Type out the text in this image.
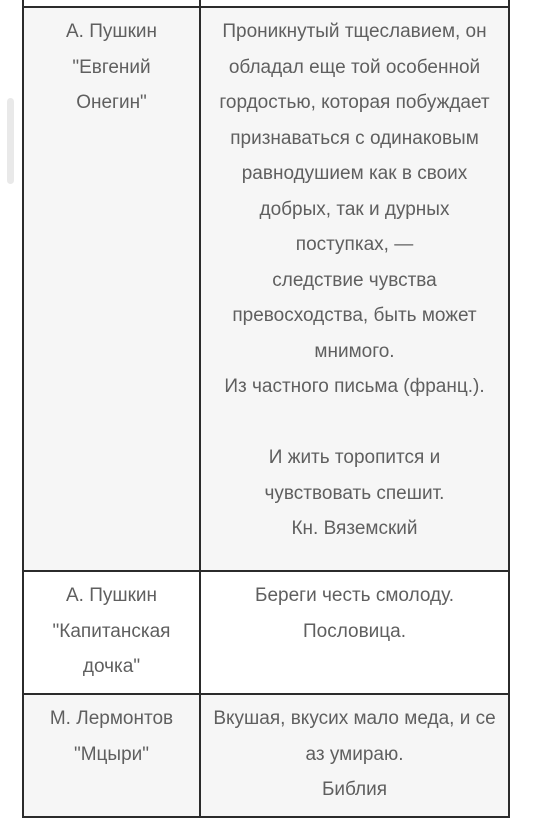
А. Пушкин
"Евгений
Онегин"
Проникнутый тщеславием, он
обладал еще той особенной
гордостью, которая побуждает
признаваться с одинаковым
равнодушием как в своих
добрых, так и дурных
поступках, —
следствие чувства
превосходства, быть может
мнимого.
Из частного письма (франц.).
И жить торопится и
чувствовать спешит.
Кн. Вяземский
А. Пушкин
"Капитанская
дочка"
Береги честь смолоду.
Пословица.
М. Лермонтов
"Мцыри"
Вкушая, вкусих мало меда, и се
аз умираю.
Библия
